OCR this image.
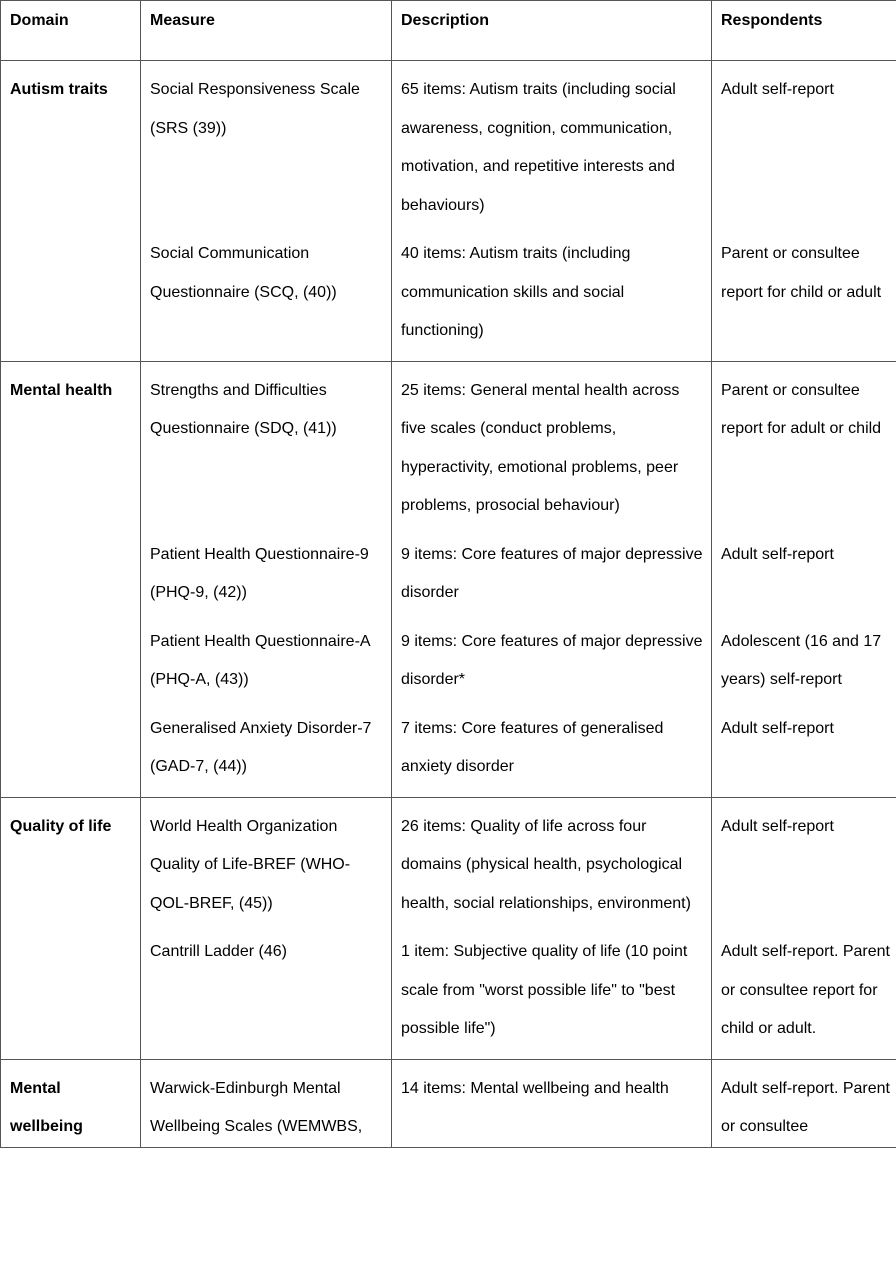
Domain	Measure	Description	Respondents
Autism traits	Social Responsiveness Scale (SRS (39))	65 items: Autism traits (including social awareness, cognition, communication, motivation, and repetitive interests and behaviours)	Adult self-report
	Social Communication Questionnaire (SCQ, (40))	40 items: Autism traits (including communication skills and social functioning)	Parent or consultee report for child or adult
Mental health	Strengths and Difficulties Questionnaire (SDQ, (41))	25 items: General mental health across five scales (conduct problems, hyperactivity, emotional problems, peer problems, prosocial behaviour)	Parent or consultee report for adult or child
	Patient Health Questionnaire-9 (PHQ-9, (42))	9 items: Core features of major depressive disorder	Adult self-report
	Patient Health Questionnaire-A (PHQ-A, (43))	9 items: Core features of major depressive disorder*	Adolescent (16 and 17 years) self-report
	Generalised Anxiety Disorder-7 (GAD-7, (44))	7 items: Core features of generalised anxiety disorder	Adult self-report
Quality of life	World Health Organization Quality of Life-BREF (WHO-QOL-BREF, (45))	26 items: Quality of life across four domains (physical health, psychological health, social relationships, environment)	Adult self-report
	Cantrill Ladder (46)	1 item: Subjective quality of life (10 point scale from "worst possible life" to "best possible life")	Adult self-report. Parent or consultee report for child or adult.
Mental wellbeing	Warwick-Edinburgh Mental Wellbeing Scales (WEMWBS,	14 items: Mental wellbeing and health	Adult self-report. Parent or consultee
